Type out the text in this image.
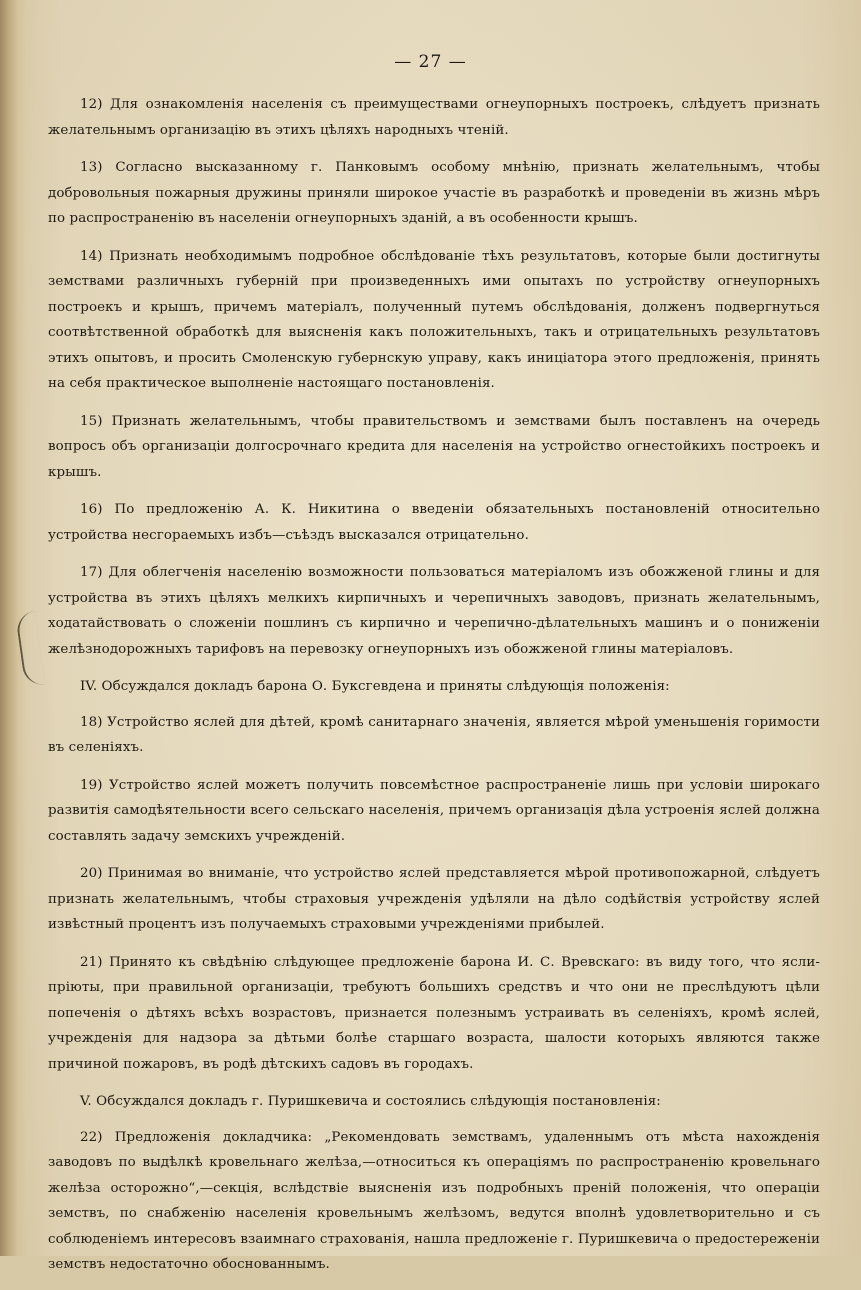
— 27 —

12) Для ознакомленія населенія съ преимуществами огнеупорныхъ построекъ, слѣдуетъ признать желательнымъ организацію въ этихъ цѣляхъ народныхъ чтеній.

13) Согласно высказанному г. Панковымъ особому мнѣнію, признать желательнымъ, чтобы добровольныя пожарныя дружины приняли широкое участіе въ разработкѣ и проведеніи въ жизнь мѣръ по распространенію въ населеніи огнеупорныхъ зданій, а въ особенности крышъ.

14) Признать необходимымъ подробное обслѣдованіе тѣхъ результатовъ, которые были достигнуты земствами различныхъ губерній при произведенныхъ ими опытахъ по устройству огнеупорныхъ построекъ и крышъ, причемъ матеріалъ, полученный путемъ обслѣдованія, долженъ подвергнуться соотвѣтственной обработкѣ для выясненія какъ положительныхъ, такъ и отрицательныхъ результатовъ этихъ опытовъ, и просить Смоленскую губернскую управу, какъ иниціатора этого предложенія, принять на себя практическое выполненіе настоящаго постановленія.

15) Признать желательнымъ, чтобы правительствомъ и земствами былъ поставленъ на очередь вопросъ объ организаціи долгосрочнаго кредита для населенія на устройство огнестойкихъ построекъ и крышъ.

16) По предложенію А. К. Никитина о введеніи обязательныхъ постановленій относительно устройства несгораемыхъ избъ—съѣздъ высказался отрицательно.

17) Для облегченія населенію возможности пользоваться матеріаломъ изъ обожженой глины и для устройства въ этихъ цѣляхъ мелкихъ кирпичныхъ и черепичныхъ заводовъ, признать желательнымъ, ходатайствовать о сложеніи пошлинъ съ кирпично и черепично-дѣлательныхъ машинъ и о пониженіи желѣзнодорожныхъ тарифовъ на перевозку огнеупорныхъ изъ обожженой глины матеріаловъ.

IV. Обсуждался докладъ барона О. Буксгевдена и приняты слѣдующія положенія:

18) Устройство яслей для дѣтей, кромѣ санитарнаго значенія, является мѣрой уменьшенія горимости въ селеніяхъ.

19) Устройство яслей можетъ получить повсемѣстное распространеніе лишь при условіи широкаго развитія самодѣятельности всего сельскаго населенія, причемъ организація дѣла устроенія яслей должна составлять задачу земскихъ учрежденій.

20) Принимая во вниманіе, что устройство яслей представляется мѣрой противопожарной, слѣдуетъ признать желательнымъ, чтобы страховыя учрежденія удѣляли на дѣло содѣйствія устройству яслей извѣстный процентъ изъ получаемыхъ страховыми учрежденіями прибылей.

21) Принято къ свѣдѣнію слѣдующее предложеніе барона И. С. Вревскаго: въ виду того, что ясли-пріюты, при правильной организаціи, требуютъ большихъ средствъ и что они не преслѣдуютъ цѣли попеченія о дѣтяхъ всѣхъ возрастовъ, признается полезнымъ устраивать въ селеніяхъ, кромѣ яслей, учрежденія для надзора за дѣтьми болѣе старшаго возраста, шалости которыхъ являются также причиной пожаровъ, въ родѣ дѣтскихъ садовъ въ городахъ.

V. Обсуждался докладъ г. Пуришкевича и состоялись слѣдующія постановленія:

22) Предложенія докладчика: „Рекомендовать земствамъ, удаленнымъ отъ мѣста нахожденія заводовъ по выдѣлкѣ кровельнаго желѣза,—относиться къ операціямъ по распространенію кровельнаго желѣза осторожно“,—секція, вслѣдствіе выясненія изъ подробныхъ преній положенія, что операціи земствъ, по снабженію населенія кровельнымъ желѣзомъ, ведутся вполнѣ удовлетворительно и съ соблюденіемъ интересовъ взаимнаго страхованія, нашла предложеніе г. Пуришкевича о предостереженіи земствъ недостаточно обоснованнымъ.
